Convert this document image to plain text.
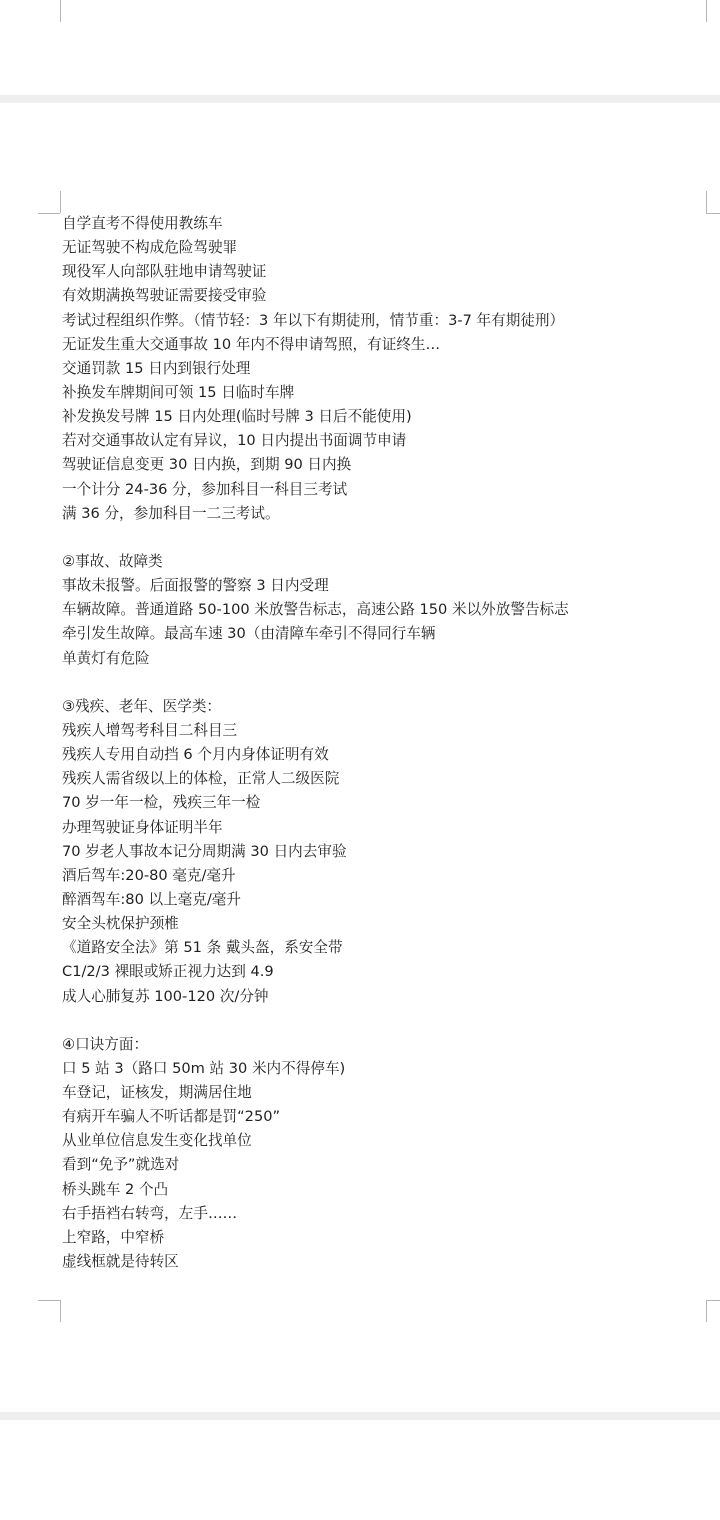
自学直考不得使用教练车
无证驾驶不构成危险驾驶罪
现役军人向部队驻地申请驾驶证
有效期满换驾驶证需要接受审验
考试过程组织作弊。（情节轻：3 年以下有期徒刑，情节重：3-7 年有期徒刑）
无证发生重大交通事故 10 年内不得申请驾照，有证终生…
交通罚款 15 日内到银行处理
补换发车牌期间可领 15 日临时车牌
补发换发号牌 15 日内处理(临时号牌 3 日后不能使用)
若对交通事故认定有异议，10 日内提出书面调节申请
驾驶证信息变更 30 日内换，到期 90 日内换
一个计分 24-36 分，参加科目一科目三考试
满 36 分，参加科目一二三考试。
②事故、故障类
事故未报警。后面报警的警察 3 日内受理
车辆故障。普通道路 50-100 米放警告标志，高速公路 150 米以外放警告标志
牵引发生故障。最高车速 30（由清障车牵引不得同行车辆
单黄灯有危险
③残疾、老年、医学类：
残疾人增驾考科目二科目三
残疾人专用自动挡 6 个月内身体证明有效
残疾人需省级以上的体检，正常人二级医院
70 岁一年一检，残疾三年一检
办理驾驶证身体证明半年
70 岁老人事故本记分周期满 30 日内去审验
酒后驾车:20-80 毫克/毫升
醉酒驾车:80 以上毫克/毫升
安全头枕保护颈椎
《道路安全法》第 51 条 戴头盔，系安全带
C1/2/3 裸眼或矫正视力达到 4.9
成人心肺复苏 100-120 次/分钟
④口诀方面：
口 5 站 3（路口 50m 站 30 米内不得停车)
车登记，证核发，期满居住地
有病开车骗人不听话都是罚“250”
从业单位信息发生变化找单位
看到“免予”就选对
桥头跳车 2 个凸
右手捂裆右转弯，左手……
上窄路，中窄桥
虚线框就是待转区
